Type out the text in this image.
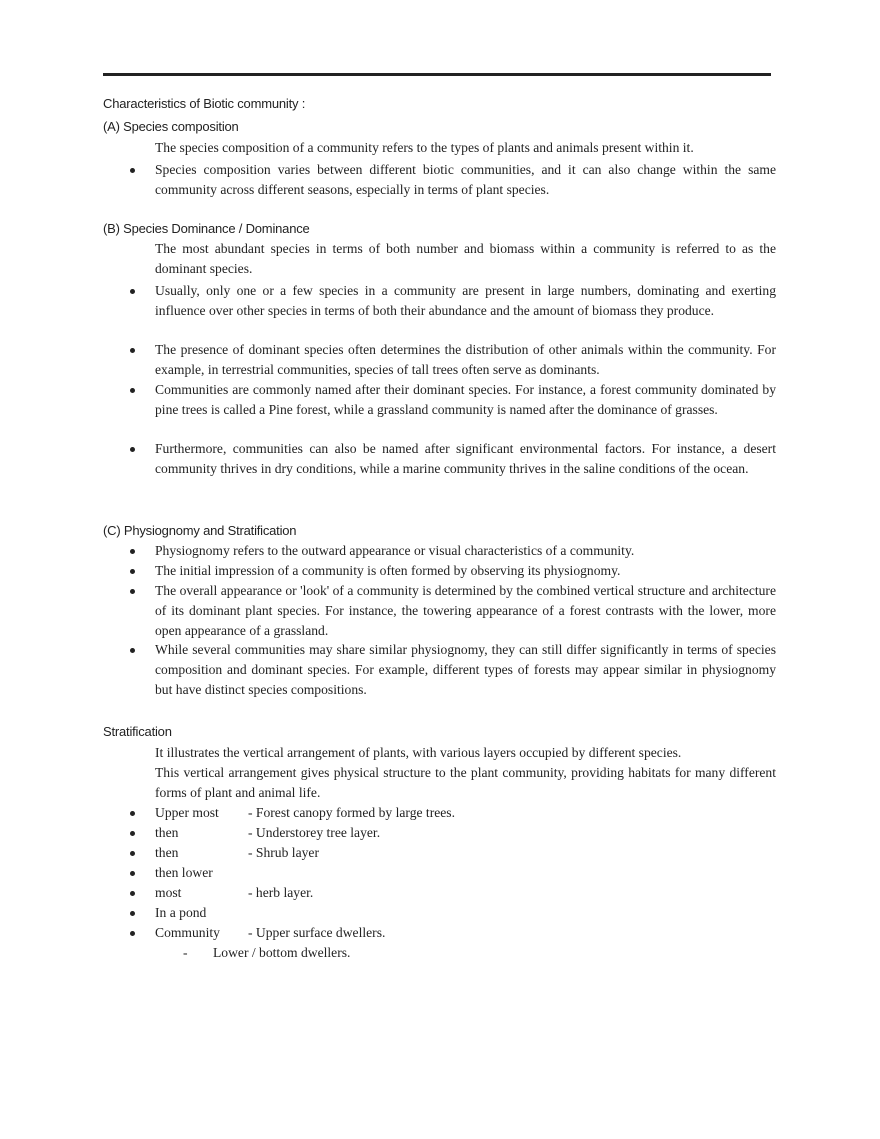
Characteristics of Biotic community :
(A) Species composition
The species composition of a community refers to the types of plants and animals present within it.
Species composition varies between different biotic communities, and it can also change within the same community across different seasons, especially in terms of plant species.
(B) Species Dominance / Dominance
The most abundant species in terms of both number and biomass within a community is referred to as the dominant species.
Usually, only one or a few species in a community are present in large numbers, dominating and exerting influence over other species in terms of both their abundance and the amount of biomass they produce.
The presence of dominant species often determines the distribution of other animals within the community. For example, in terrestrial communities, species of tall trees often serve as dominants.
Communities are commonly named after their dominant species. For instance, a forest community dominated by pine trees is called a Pine forest, while a grassland community is named after the dominance of grasses.
Furthermore, communities can also be named after significant environmental factors. For instance, a desert community thrives in dry conditions, while a marine community thrives in the saline conditions of the ocean.
(C) Physiognomy and Stratification
Physiognomy refers to the outward appearance or visual characteristics of a community.
The initial impression of a community is often formed by observing its physiognomy.
The overall appearance or 'look' of a community is determined by the combined vertical structure and architecture of its dominant plant species. For instance, the towering appearance of a forest contrasts with the lower, more open appearance of a grassland.
While several communities may share similar physiognomy, they can still differ significantly in terms of species composition and dominant species. For example, different types of forests may appear similar in physiognomy but have distinct species compositions.
Stratification
It illustrates the vertical arrangement of plants, with various layers occupied by different species.
This vertical arrangement gives physical structure to the plant community, providing habitats for many different forms of plant and animal life.
Upper most - Forest canopy formed by large trees.
then	- Understorey tree layer.
then	- Shrub layer
then lower
most	- herb layer.
In a pond
Community - Upper surface dwellers.
- Lower / bottom dwellers.
